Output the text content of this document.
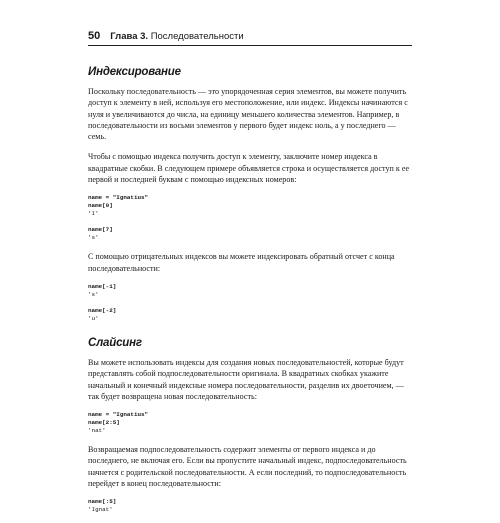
50 Глава 3. Последовательности
Индексирование

Поскольку последовательность — это упорядоченная серия элементов, вы можете получить доступ к элементу в ней, используя его местоположение, или индекс. Индексы начинаются с нуля и увеличиваются до числа, на единицу меньшего количества элементов. Например, в последовательности из восьми элементов у первого будет индекс ноль, а у последнего — семь.

Чтобы с помощью индекса получить доступ к элементу, заключите номер индекса в квадратные скобки. В следующем примере объявляется строка и осуществляется доступ к ее первой и последней буквам с помощью индексных номеров:

name = "Ignatius"
name[0]
'I'

name[7]
's'

С помощью отрицательных индексов вы можете индексировать обратный отсчет с конца последовательности:

name[-1]
's'

name[-2]
'u'
Слайсинг

Вы можете использовать индексы для создания новых последовательностей, которые будут представлять собой подпоследовательности оригинала. В квадратных скобках укажите начальный и конечный индексные номера последовательности, разделив их двоеточием, — так будет возвращена новая последовательность:

name = "Ignatius"
name[2:5]
'nat'

Возвращаемая подпоследовательность содержит элементы от первого индекса и до последнего, не включая его. Если вы пропустите начальный индекс, подпоследовательность начнется с родительской последовательности. А если последний, то подпоследовательность перейдет в конец последовательности:

name[:5]
'Ignat'
